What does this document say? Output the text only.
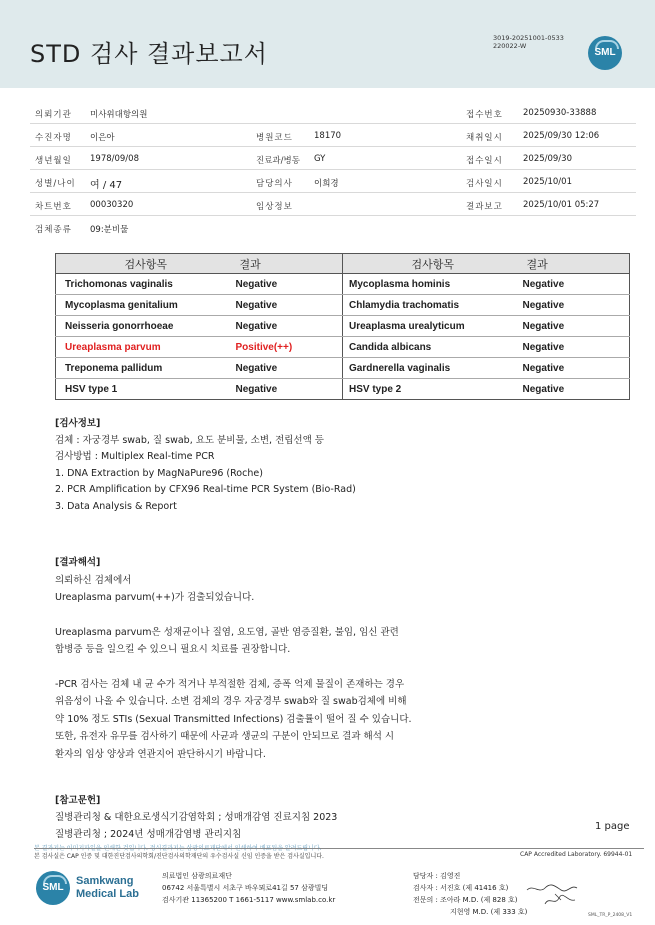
STD 검사 결과보고서
3019-20251001-0533
220022-W
SML
의뢰기관 미사위대항의원	접수번호 20250930-33888
수진자명 이은아	병원코드 18170	채취일시 2025/09/30 12:06
생년월일 1978/09/08	진료과/병동 GY	접수일시 2025/09/30
성별/나이 여 / 47	담당의사 이희경	검사일시 2025/10/01
차트번호 00030320	임상정보	결과보고 2025/10/01 05:27
검체종류 09:분비물
검사항목	결과	검사항목	결과
Trichomonas vaginalis	Negative	Mycoplasma hominis	Negative
Mycoplasma genitalium	Negative	Chlamydia trachomatis	Negative
Neisseria gonorrhoeae	Negative	Ureaplasma urealyticum	Negative
Ureaplasma parvum	Positive(++)	Candida albicans	Negative
Treponema pallidum	Negative	Gardnerella vaginalis	Negative
HSV type 1	Negative	HSV type 2	Negative

[검사정보]

검체 : 자궁경부 swab, 질 swab, 요도 분비물, 소변, 전립선액 등

검사방법 : Multiplex Real-time PCR

1. DNA Extraction by MagNaPure96 (Roche)

2. PCR Amplification by CFX96 Real-time PCR System (Bio-Rad)

3. Data Analysis & Report

[결과해석]

의뢰하신 검체에서

Ureaplasma parvum(++)가 검출되었습니다.

Ureaplasma parvum은 성재균이나 질염, 요도염, 골반 염증질환, 불임, 임신 관련

합병증 등을 일으킬 수 있으니 필요시 치료를 권장합니다.

-PCR 검사는 검체 내 균 수가 적거나 부적절한 검체, 증폭 억제 물질이 존재하는 경우

위음성이 나올 수 있습니다. 소변 검체의 경우 자궁경부 swab와 질 swab검체에 비해

약 10% 정도 STIs (Sexual Transmitted Infections) 검출률이 떨어 질 수 있습니다.

또한, 유전자 유무를 검사하기 때문에 사균과 생균의 구분이 안되므로 결과 해석 시

환자의 임상 양상과 연관지어 판단하시기 바랍니다.

[참고문헌]

질병관리청 & 대한요로생식기감염학회 ; 성매개감염 진료지침 2023

질병관리청 ; 2024년 성매개감염병 관리지침

1 page
본 검사실은 CAP 인증 및 대한진단검사의학회/진단검사의학재단의 우수검사실 신임 인증을 받은 검사실입니다.	CAP Accredited Laboratory. 69944-01
SML
Samkwang
Medical Lab
의료법인 삼광의료재단
06742 서울특별시 서초구 바우뫼로41길 57 삼광빌딩
검사기관 11365200 T 1661-5117 www.smlab.co.kr
담당자 : 김영진
검사자 : 서진호 (제 41416 호)
전문의 : 조아라 M.D. (제 828 호)
지현영 M.D. (제 333 호)	SML_TR_P_2408_V1
